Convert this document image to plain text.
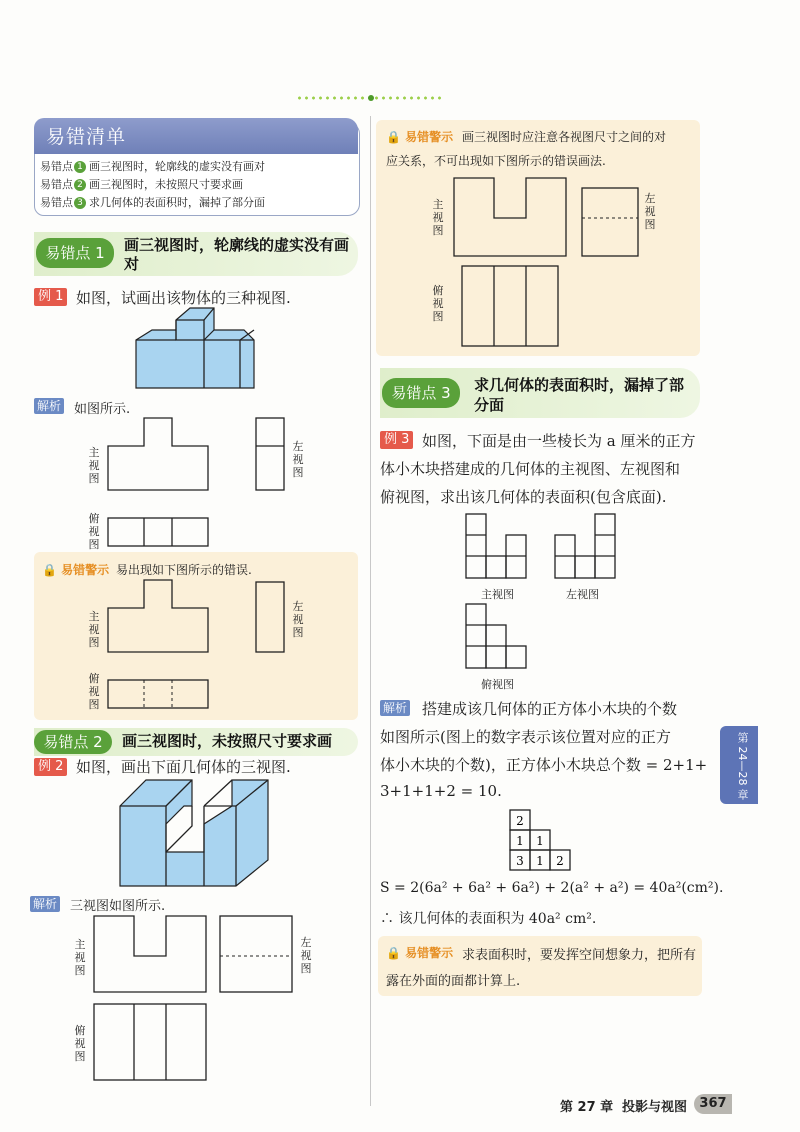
易错清单
易错点 1 画三视图时，轮廓线的虚实没有画对
易错点 2 画三视图时，未按照尺寸要求画
易错点 3 求几何体的表面积时，漏掉了部分面
易错点 1	画三视图时，轮廓线的虚实没有画对
例 1 如图，试画出该物体的三种视图.
解析 如图所示.
主视图
左视图
俯视图
🔒 易错警示 易出现如下图所示的错误.
主视图
左视图
俯视图
易错点 2	画三视图时，未按照尺寸要求画
例 2 如图，画出下面几何体的三视图.
解析 三视图如图所示.
主视图
左视图
俯视图
🔒 易错警示 画三视图时应注意各视图尺寸之间的对
应关系，不可出现如下图所示的错误画法.
主视图
左视图
俯视图
易错点 3	求几何体的表面积时，漏掉了部
分面
例 3 如图，下面是由一些棱长为 a 厘米的正方
体小木块搭建成的几何体的主视图、左视图和
俯视图，求出该几何体的表面积(包含底面).
主视图	左视图
俯视图
解析 搭建成该几何体的正方体小木块的个数
如图所示(图上的数字表示该位置对应的正方
体小木块的个数)，正方体小木块总个数 = 2+1+
3+1+1+2 = 10.
2
1 1
3 1 2
S = 2(6a² + 6a² + 6a²) + 2(a² + a²) = 40a²(cm²).
∴ 该几何体的表面积为 40a² cm².
🔒 易错警示 求表面积时，要发挥空间想象力，把所有
露在外面的面都计算上.
第 24—28 章
第 27 章 投影与视图 367
